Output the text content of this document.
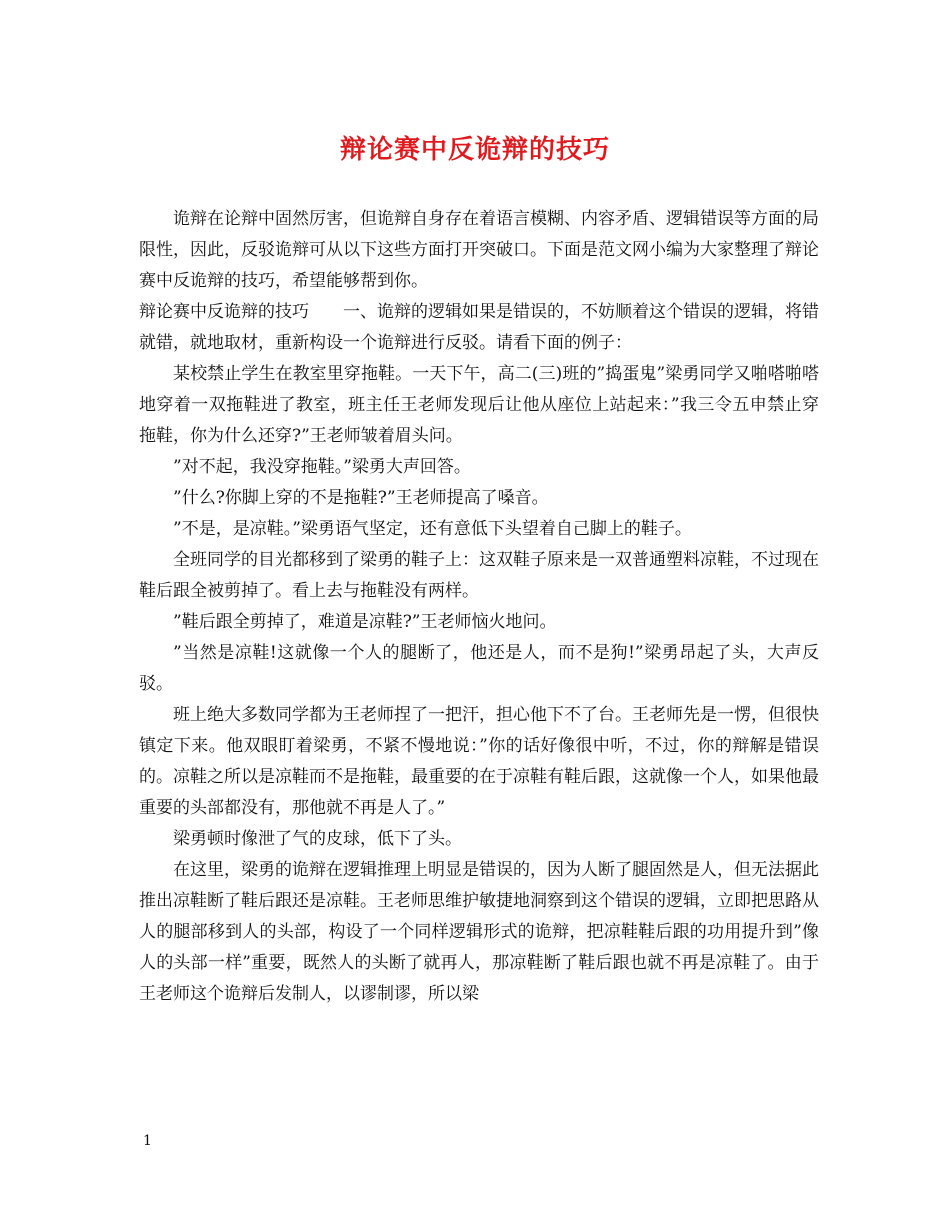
辩论赛中反诡辩的技巧

诡辩在论辩中固然厉害，但诡辩自身存在着语言模糊、内容矛盾、逻辑错误等方面的局限性，因此，反驳诡辩可从以下这些方面打开突破口。下面是范文网小编为大家整理了辩论赛中反诡辩的技巧，希望能够帮到你。

辩论赛中反诡辩的技巧　　一、诡辩的逻辑如果是错误的，不妨顺着这个错误的逻辑，将错就错，就地取材，重新构设一个诡辩进行反驳。请看下面的例子：

某校禁止学生在教室里穿拖鞋。一天下午，高二(三)班的”捣蛋鬼”梁勇同学又啪嗒啪嗒地穿着一双拖鞋进了教室，班主任王老师发现后让他从座位上站起来：”我三令五申禁止穿拖鞋，你为什么还穿?”王老师皱着眉头问。

”对不起，我没穿拖鞋。”梁勇大声回答。

”什么?你脚上穿的不是拖鞋?”王老师提高了嗓音。

”不是，是凉鞋。”梁勇语气坚定，还有意低下头望着自己脚上的鞋子。

全班同学的目光都移到了梁勇的鞋子上：这双鞋子原来是一双普通塑料凉鞋，不过现在鞋后跟全被剪掉了。看上去与拖鞋没有两样。

”鞋后跟全剪掉了，难道是凉鞋?”王老师恼火地问。

”当然是凉鞋!这就像一个人的腿断了，他还是人，而不是狗!”梁勇昂起了头，大声反驳。

班上绝大多数同学都为王老师捏了一把汗，担心他下不了台。王老师先是一愣，但很快镇定下来。他双眼盯着梁勇，不紧不慢地说：”你的话好像很中听，不过，你的辩解是错误的。凉鞋之所以是凉鞋而不是拖鞋，最重要的在于凉鞋有鞋后跟，这就像一个人，如果他最重要的头部都没有，那他就不再是人了。”

梁勇顿时像泄了气的皮球，低下了头。

在这里，梁勇的诡辩在逻辑推理上明显是错误的，因为人断了腿固然是人，但无法据此推出凉鞋断了鞋后跟还是凉鞋。王老师思维护敏捷地洞察到这个错误的逻辑，立即把思路从人的腿部移到人的头部，构设了一个同样逻辑形式的诡辩，把凉鞋鞋后跟的功用提升到”像人的头部一样”重要，既然人的头断了就再人，那凉鞋断了鞋后跟也就不再是凉鞋了。由于王老师这个诡辩后发制人，以谬制谬，所以梁

1
